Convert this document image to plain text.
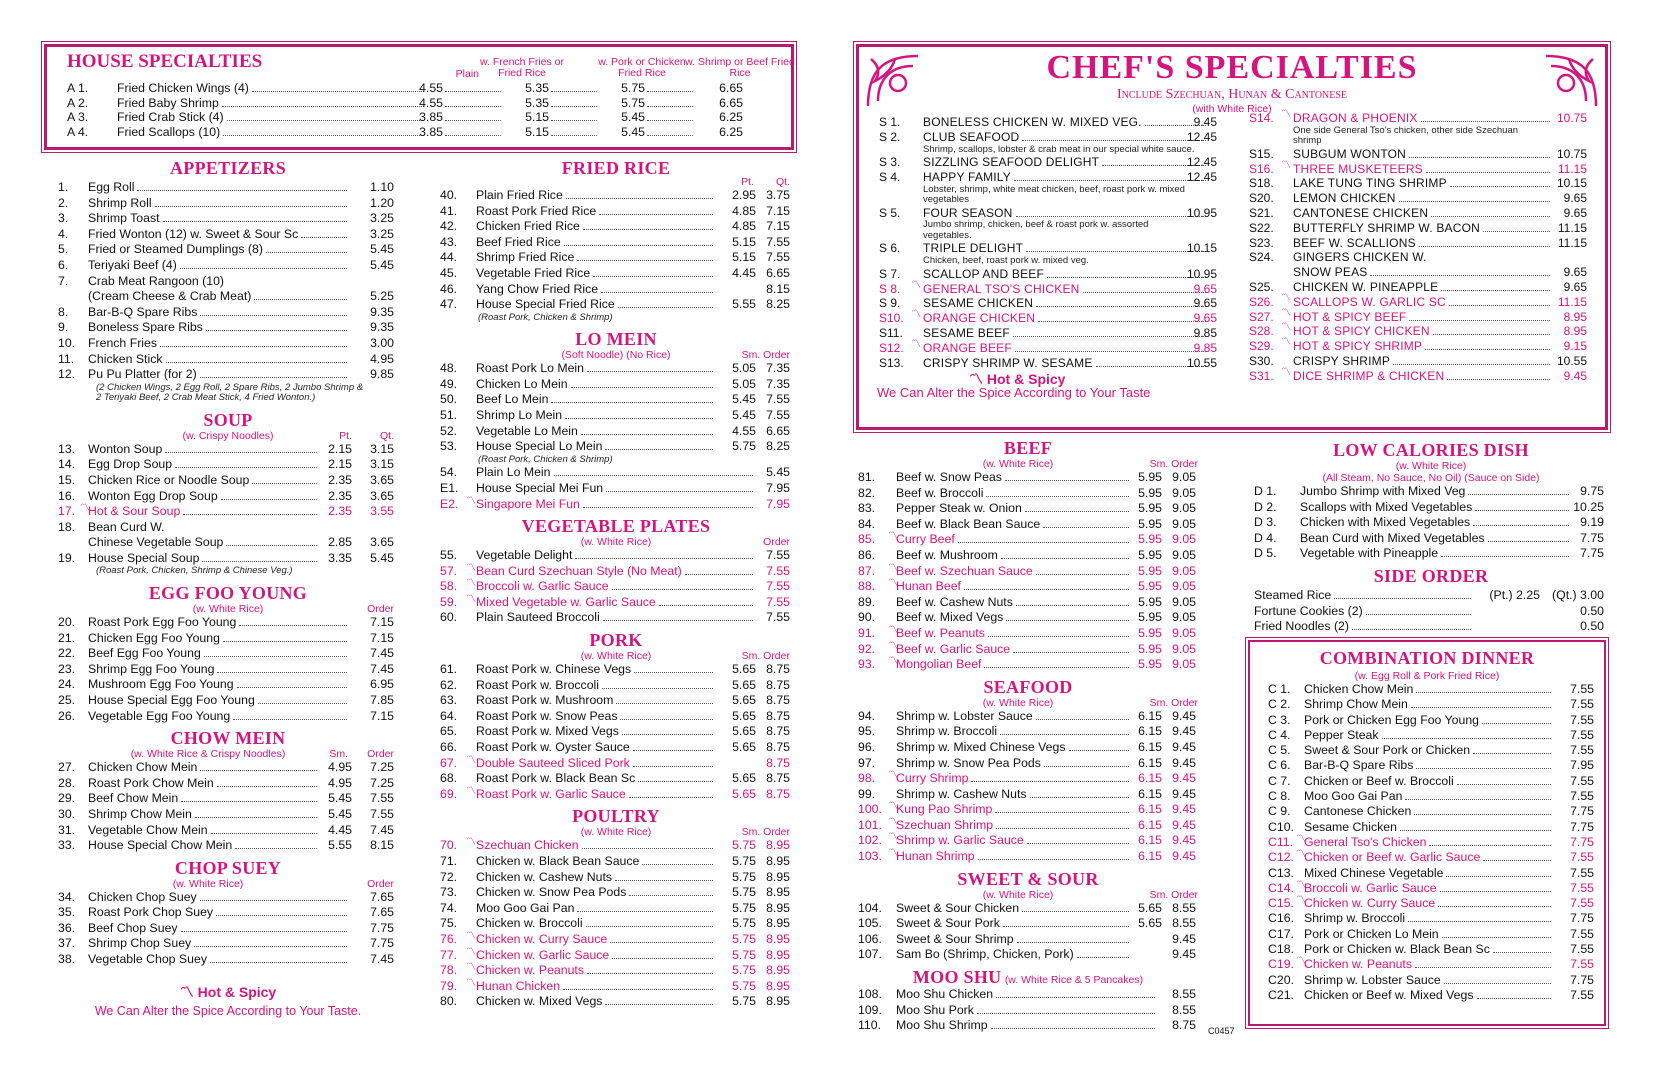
HOUSE SPECIALTIES
Plain
w. French Fries or Fried Rice
w. Pork or Chicken Fried Rice
w. Shrimp or Beef Fried Rice
A 1. Fried Chicken Wings (4)	4.55	5.35	5.75	6.65
A 2. Fried Baby Shrimp	4.55	5.35	5.75	6.65
A 3. Fried Crab Stick (4)	3.85	5.15	5.45	6.25
A 4. Fried Scallops (10)	3.85	5.15	5.45	6.25
APPETIZERS
1. Egg Roll	1.10
2. Shrimp Roll	1.20
3. Shrimp Toast	3.25
4. Fried Wonton (12) w. Sweet & Sour Sc	3.25
5. Fried or Steamed Dumplings (8)	5.45
6. Teriyaki Beef (4)	5.45
7. Crab Meat Rangoon (10)
(Cream Cheese & Crab Meat)	5.25
8. Bar-B-Q Spare Ribs	9.35
9. Boneless Spare Ribs	9.35
10. French Fries	3.00
11. Chicken Stick	4.95
12. Pu Pu Platter (for 2)	9.85
(2 Chicken Wings, 2 Egg Roll, 2 Spare Ribs, 2 Jumbo Shrimp & 2 Teriyaki Beef, 2 Crab Meat Stick, 4 Fried Wonton.)
SOUP
(w. Crispy Noodles)	Pt.	Qt.
13. Wonton Soup	2.15	3.15
14. Egg Drop Soup	2.15	3.15
15. Chicken Rice or Noodle Soup	2.35	3.65
16. Wonton Egg Drop Soup	2.35	3.65
17. 〽
Hot & Sour Soup	2.35	3.55
18. Bean Curd W.
Chinese Vegetable Soup	2.85	3.65
19. House Special Soup	3.35	5.45
(Roast Pork, Chicken, Shrimp & Chinese Veg.)
EGG FOO YOUNG
(w. White Rice)	Order
20. Roast Pork Egg Foo Young	7.15
21. Chicken Egg Foo Young	7.15
22. Beef Egg Foo Young	7.45
23. Shrimp Egg Foo Young	7.45
24. Mushroom Egg Foo Young	6.95
25. House Special Egg Foo Young	7.85
26. Vegetable Egg Foo Young	7.15
CHOW MEIN
(w. White Rice & Crispy Noodles)	Sm.	Order
27. Chicken Chow Mein	4.95	7.25
28. Roast Pork Chow Mein	4.95	7.25
29. Beef Chow Mein	5.45	7.55
30. Shrimp Chow Mein	5.45	7.55
31. Vegetable Chow Mein	4.45	7.45
33. House Special Chow Mein	5.55	8.15
CHOP SUEY
(w. White Rice)	Order
34. Chicken Chop Suey	7.65
35. Roast Pork Chop Suey	7.65
36. Beef Chop Suey	7.75
37. Shrimp Chop Suey	7.75
38. Vegetable Chop Suey	7.45
〽 Hot & Spicy
We Can Alter the Spice According to Your Taste.
FRIED RICE
Pt.	Qt.
40. Plain Fried Rice	2.95 3.75
41. Roast Pork Fried Rice	4.85 7.15
42. Chicken Fried Rice	4.85 7.15
43. Beef Fried Rice	5.15 7.55
44. Shrimp Fried Rice	5.15 7.55
45. Vegetable Fried Rice	4.45 6.65
46. Yang Chow Fried Rice	8.15
47. House Special Fried Rice	5.55 8.25
(Roast Pork, Chicken & Shrimp)
LO MEIN
(Soft Noodle) (No Rice)	Sm. Order
48. Roast Pork Lo Mein	5.05 7.35
49. Chicken Lo Mein	5.05 7.35
50. Beef Lo Mein	5.45 7.55
51. Shrimp Lo Mein	5.45 7.55
52. Vegetable Lo Mein	4.55 6.65
53. House Special Lo Mein	5.75 8.25
(Roast Pork, Chicken & Shrimp)
54. Plain Lo Mein	5.45
E1. House Special Mei Fun	7.95
E2. 〽 Singapore Mei Fun	7.95
VEGETABLE PLATES
(w. White Rice)	Order
55. Vegetable Delight	7.55
57. 〽 Bean Curd Szechuan Style (No Meat)	7.55
58. 〽 Broccoli w. Garlic Sauce	7.55
59. 〽 Mixed Vegetable w. Garlic Sauce	7.55
60. Plain Sauteed Broccoli	7.55
PORK
(w. White Rice)	Sm. Order
61. Roast Pork w. Chinese Vegs	5.65 8.75
62. Roast Pork w. Broccoli	5.65 8.75
63. Roast Pork w. Mushroom	5.65 8.75
64. Roast Pork w. Snow Peas	5.65 8.75
65. Roast Pork w. Mixed Vegs	5.65 8.75
66. Roast Pork w. Oyster Sauce	5.65 8.75
67. 〽 Double Sauteed Sliced Pork	8.75
68. Roast Pork w. Black Bean Sc	5.65 8.75
69. 〽 Roast Pork w. Garlic Sauce	5.65 8.75
POULTRY
(w. White Rice)	Sm. Order
70. 〽 Szechuan Chicken	5.75 8.95
71. Chicken w. Black Bean Sauce	5.75 8.95
72. Chicken w. Cashew Nuts	5.75 8.95
73. Chicken w. Snow Pea Pods	5.75 8.95
74. Moo Goo Gai Pan	5.75 8.95
75. Chicken w. Broccoli	5.75 8.95
76. 〽 Chicken w. Curry Sauce	5.75 8.95
77. 〽 Chicken w. Garlic Sauce	5.75 8.95
78. 〽 Chicken w. Peanuts	5.75 8.95
79. 〽 Hunan Chicken	5.75 8.95
80. Chicken w. Mixed Vegs	5.75 8.95
CHEF'S SPECIALTIES
Include Szechuan, Hunan & Cantonese
(with White Rice)
S 1. BONELESS CHICKEN W. MIXED VEG.	9.45
S 2. CLUB SEAFOOD	12.45
Shrimp, scallops, lobster & crab meat in our special white sauce.
S 3. SIZZLING SEAFOOD DELIGHT	12.45
S 4. HAPPY FAMILY	12.45
Lobster, shrimp, white meat chicken, beef, roast pork w. mixed vegetables
S 5. FOUR SEASON	10.95
Jumbo shrimp, chicken, beef & roast pork w. assorted vegetables.
S 6. TRIPLE DELIGHT	10.15
Chicken, beef, roast pork w. mixed veg.
S 7. SCALLOP AND BEEF	10.95
S 8. 〽 GENERAL TSO'S CHICKEN	9.65
S 9. SESAME CHICKEN	9.65
S10. 〽 ORANGE CHICKEN	9.65
S11. SESAME BEEF	9.85
S12. 〽 ORANGE BEEF	9.85
S13. CRISPY SHRIMP W. SESAME	10.55
S14. 〽 DRAGON & PHOENIX	10.75
One side General Tso's chicken, other side Szechuan shrimp
S15. SUBGUM WONTON	10.75
S16. 〽 THREE MUSKETEERS	11.15
S18. LAKE TUNG TING SHRIMP	10.15
S20. LEMON CHICKEN	9.65
S21. CANTONESE CHICKEN	9.65
S22. BUTTERFLY SHRIMP W. BACON	11.15
S23. BEEF W. SCALLIONS	11.15
S24. GINGERS CHICKEN W.
SNOW PEAS	9.65
S25. CHICKEN W. PINEAPPLE	9.65
S26. 〽 SCALLOPS W. GARLIC SC	11.15
S27. 〽 HOT & SPICY BEEF	8.95
S28. 〽 HOT & SPICY CHICKEN	8.95
S29. 〽 HOT & SPICY SHRIMP	9.15
S30. CRISPY SHRIMP	10.55
S31. 〽 DICE SHRIMP & CHICKEN	9.45
〽 Hot & Spicy
We Can Alter the Spice According to Your Taste
BEEF
(w. White Rice)	Sm. Order
81. Beef w. Snow Peas	5.95 9.05
82. Beef w. Broccoli	5.95 9.05
83. Pepper Steak w. Onion	5.95 9.05
84. Beef w. Black Bean Sauce	5.95 9.05
85. 〽
Curry Beef	5.95 9.05
86. Beef w. Mushroom	5.95 9.05
87. 〽
Beef w. Szechuan Sauce	5.95 9.05
88. 〽
Hunan Beef	5.95 9.05
89. Beef w. Cashew Nuts	5.95 9.05
90. Beef w. Mixed Vegs	5.95 9.05
91. 〽
Beef w. Peanuts	5.95 9.05
92. 〽
Beef w. Garlic Sauce	5.95 9.05
93. 〽
Mongolian Beef	5.95 9.05
SEAFOOD
(w. White Rice)	Sm. Order
94. Shrimp w. Lobster Sauce	6.15 9.45
95. Shrimp w. Broccoli	6.15 9.45
96. Shrimp w. Mixed Chinese Vegs	6.15 9.45
97. Shrimp w. Snow Pea Pods	6.15 9.45
98. 〽
Curry Shrimp	6.15 9.45
99. Shrimp w. Cashew Nuts	6.15 9.45
100. 〽
Kung Pao Shrimp	6.15 9.45
101. 〽
Szechuan Shrimp	6.15 9.45
102. 〽
Shrimp w. Garlic Sauce	6.15 9.45
103. 〽
Hunan Shrimp	6.15 9.45
SWEET & SOUR
(w. White Rice)	Sm. Order
104. Sweet & Sour Chicken	5.65 8.55
105. Sweet & Sour Pork	5.65 8.55
106. Sweet & Sour Shrimp	9.45
107. Sam Bo (Shrimp, Chicken, Pork)	9.45
MOO SHU (w. White Rice & 5 Pancakes)
108. Moo Shu Chicken	8.55
109. Moo Shu Pork	8.55
110. Moo Shu Shrimp	8.75 C0457
LOW CALORIES DISH
(w. White Rice)
(All Steam, No Sauce, No Oil) (Sauce on Side)
D 1. Jumbo Shrimp with Mixed Veg	9.75
D 2. Scallops with Mixed Vegetables	10.25
D 3. Chicken with Mixed Vegetables	9.19
D 4. Bean Curd with Mixed Vegetables	7.75
D 5. Vegetable with Pineapple	7.75
SIDE ORDER
Steamed Rice	(Pt.) 2.25 (Qt.) 3.00
Fortune Cookies (2)	0.50
Fried Noodles (2)	0.50
COMBINATION DINNER
(w. Egg Roll & Pork Fried Rice)
C 1. Chicken Chow Mein	7.55
C 2. Shrimp Chow Mein	7.55
C 3. Pork or Chicken Egg Foo Young	7.55
C 4. Pepper Steak	7.55
C 5. Sweet & Sour Pork or Chicken	7.55
C 6. Bar-B-Q Spare Ribs	7.95
C 7. Chicken or Beef w. Broccoli	7.55
C 8. Moo Goo Gai Pan	7.55
C 9. Cantonese Chicken	7.75
C10. Sesame Chicken	7.75
C11. 〽
General Tso's Chicken	7.75
C12. 〽
Chicken or Beef w. Garlic Sauce	7.55
C13. Mixed Chinese Vegetable	7.55
C14. 〽
Broccoli w. Garlic Sauce	7.55
C15. 〽
Chicken w. Curry Sauce	7.55
C16. Shrimp w. Broccoli	7.75
C17. Pork or Chicken Lo Mein	7.55
C18. Pork or Chicken w. Black Bean Sc	7.55
C19. 〽
Chicken w. Peanuts	7.55
C20. Shrimp w. Lobster Sauce	7.75
C21. Chicken or Beef w. Mixed Vegs	7.55
